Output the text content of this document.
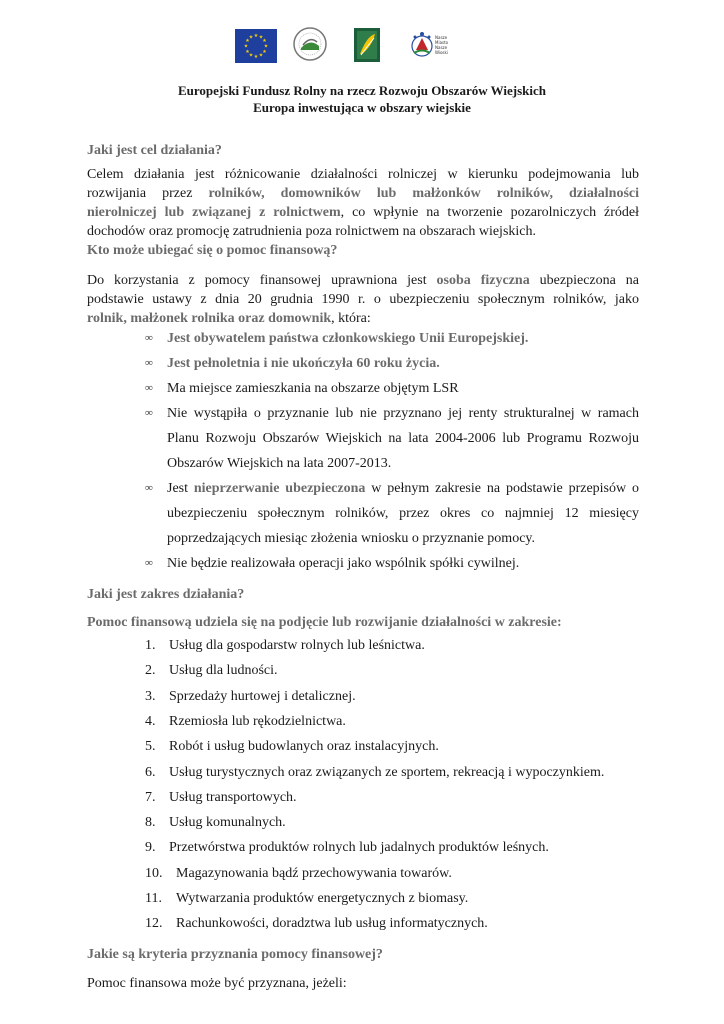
★ ★
★
★
★
★
★
★
★
★
★
★	Nasze
Miasto
Nasze
Wioski
Europejski Fundusz Rolny na rzecz Rozwoju Obszarów Wiejskich
Europa inwestująca w obszary wiejskie
Jaki jest cel działania?
Celem działania jest różnicowanie działalności rolniczej w kierunku podejmowania lub
rozwijania przez rolników, domowników lub małżonków rolników, działalności
nierolniczej lub związanej z rolnictwem, co wpłynie na tworzenie pozarolniczych źródeł
dochodów oraz promocję zatrudnienia poza rolnictwem na obszarach wiejskich.
Kto może ubiegać się o pomoc finansową?
Do korzystania z pomocy finansowej uprawniona jest osoba fizyczna ubezpieczona na
podstawie ustawy z dnia 20 grudnia 1990 r. o ubezpieczeniu społecznym rolników, jako
rolnik, małżonek rolnika oraz domownik, która:
∞ Jest obywatelem państwa członkowskiego Unii Europejskiej.
∞ Jest pełnoletnia i nie ukończyła 60 roku życia.
∞ Ma miejsce zamieszkania na obszarze objętym LSR
∞ Nie wystąpiła o przyznanie lub nie przyznano jej renty strukturalnej w ramach
Planu Rozwoju Obszarów Wiejskich na lata 2004-2006 lub Programu Rozwoju
Obszarów Wiejskich na lata 2007-2013.
∞ Jest nieprzerwanie ubezpieczona w pełnym zakresie na podstawie przepisów o
ubezpieczeniu społecznym rolników, przez okres co najmniej 12 miesięcy
poprzedzających miesiąc złożenia wniosku o przyznanie pomocy.
∞ Nie będzie realizowała operacji jako wspólnik spółki cywilnej.
Jaki jest zakres działania?
Pomoc finansową udziela się na podjęcie lub rozwijanie działalności w zakresie:
1. Usług dla gospodarstw rolnych lub leśnictwa.
2. Usług dla ludności.
3. Sprzedaży hurtowej i detalicznej.
4. Rzemiosła lub rękodzielnictwa.
5. Robót i usług budowlanych oraz instalacyjnych.
6. Usług turystycznych oraz związanych ze sportem, rekreacją i wypoczynkiem.
7. Usług transportowych.
8. Usług komunalnych.
9. Przetwórstwa produktów rolnych lub jadalnych produktów leśnych.
10. Magazynowania bądź przechowywania towarów.
11. Wytwarzania produktów energetycznych z biomasy.
12. Rachunkowości, doradztwa lub usług informatycznych.
Jakie są kryteria przyznania pomocy finansowej?
Pomoc finansowa może być przyznana, jeżeli:
